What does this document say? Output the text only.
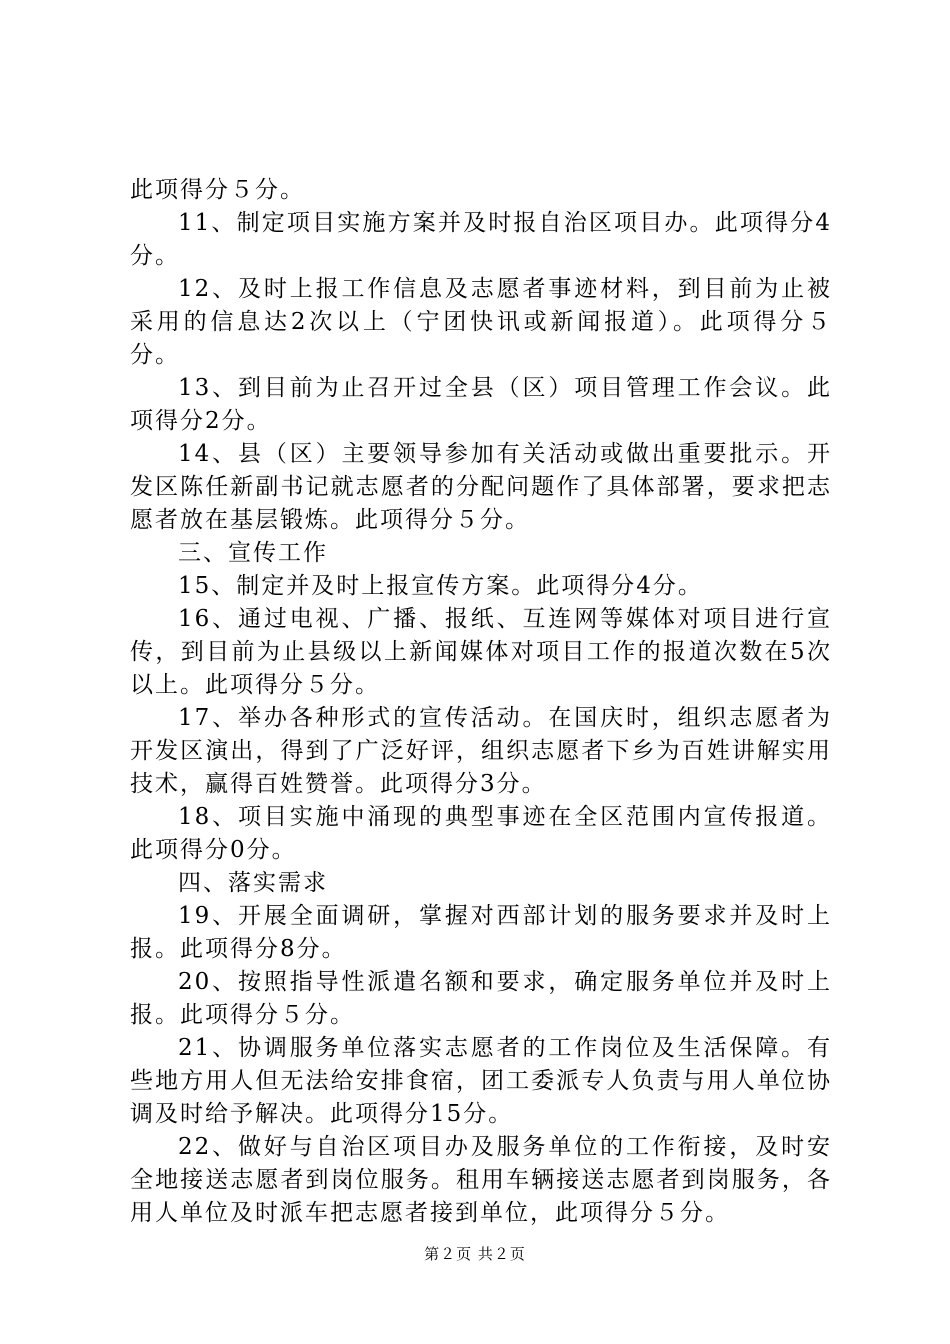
此项得分５分。

11、制定项目实施方案并及时报自治区项目办。此项得分4分。

12、及时上报工作信息及志愿者事迹材料，到目前为止被采用的信息达2次以上（宁团快讯或新闻报道）。此项得分５分。

13、到目前为止召开过全县（区）项目管理工作会议。此项得分2分。

14、县（区）主要领导参加有关活动或做出重要批示。开发区陈任新副书记就志愿者的分配问题作了具体部署，要求把志愿者放在基层锻炼。此项得分５分。

三、宣传工作

15、制定并及时上报宣传方案。此项得分4分。

16、通过电视、广播、报纸、互连网等媒体对项目进行宣传，到目前为止县级以上新闻媒体对项目工作的报道次数在5次以上。此项得分５分。

17、举办各种形式的宣传活动。在国庆时，组织志愿者为开发区演出，得到了广泛好评，组织志愿者下乡为百姓讲解实用技术，赢得百姓赞誉。此项得分3分。

18、项目实施中涌现的典型事迹在全区范围内宣传报道。此项得分0分。

四、落实需求

19、开展全面调研，掌握对西部计划的服务要求并及时上报。此项得分8分。

20、按照指导性派遣名额和要求，确定服务单位并及时上报。此项得分５分。

21、协调服务单位落实志愿者的工作岗位及生活保障。有些地方用人但无法给安排食宿，团工委派专人负责与用人单位协调及时给予解决。此项得分15分。

22、做好与自治区项目办及服务单位的工作衔接，及时安全地接送志愿者到岗位服务。租用车辆接送志愿者到岗服务，各用人单位及时派车把志愿者接到单位，此项得分５分。

第２页 共２页
